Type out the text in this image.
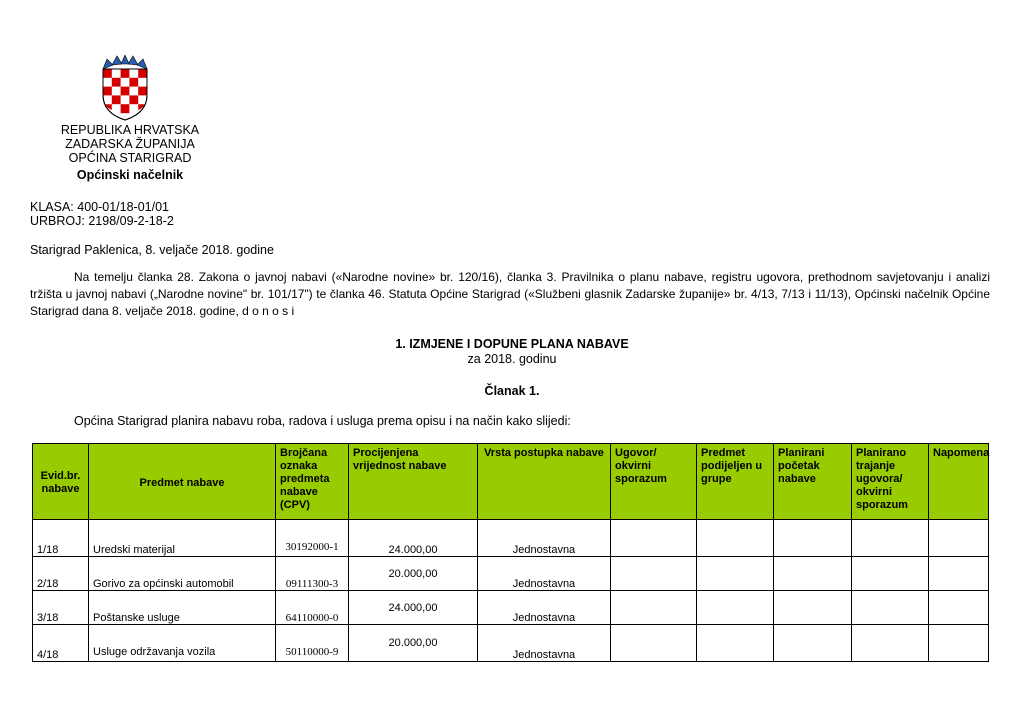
REPUBLIKA HRVATSKA
ZADARSKA ŽUPANIJA
OPĆINA STARIGRAD
Općinski načelnik
KLASA: 400-01/18-01/01
URBROJ: 2198/09-2-18-2
Starigrad Paklenica, 8. veljače 2018. godine
Na temelju članka 28. Zakona o javnoj nabavi («Narodne novine» br. 120/16), članka 3. Pravilnika o planu nabave, registru ugovora, prethodnom savjetovanju i analizi tržišta u javnoj nabavi („Narodne novine" br. 101/17") te članka 46. Statuta Općine Starigrad («Službeni glasnik Zadarske županije» br. 4/13, 7/13 i 11/13), Općinski načelnik Općine Starigrad dana 8. veljače 2018. godine, d o n o s i
1. IZMJENE I DOPUNE PLANA NABAVE
za 2018. godinu
Članak 1.
Općina Starigrad planira nabavu roba, radova i usluga prema opisu i na način kako slijedi:
Evid.br. nabave	Predmet nabave	Brojčana oznaka predmeta nabave (CPV)	Procijenjena vrijednost nabave	Vrsta postupka nabave	Ugovor/ okvirni sporazum	Predmet podijeljen u grupe	Planirani početak nabave	Planirano trajanje ugovora/ okvirni sporazum	Napomena
1/18	Uredski materijal	30192000-1	24.000,00	Jednostavna					
2/18	Gorivo za općinski automobil	09111300-3	20.000,00	Jednostavna					
3/18	Poštanske usluge	64110000-0	24.000,00	Jednostavna					
4/18	Usluge održavanja vozila	50110000-9	20.000,00	Jednostavna					
